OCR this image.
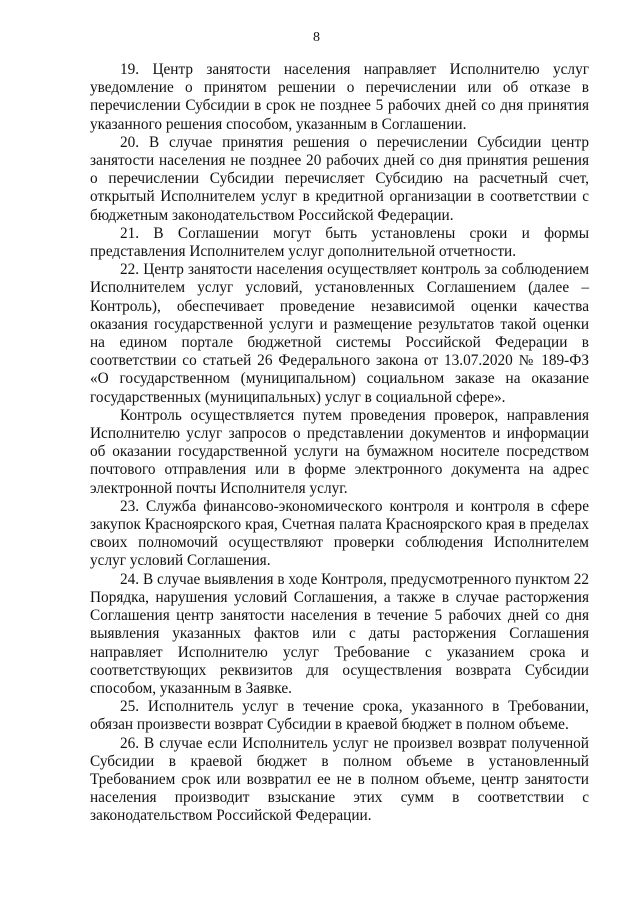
8

19. Центр занятости населения направляет Исполнителю услуг уведомление о принятом решении о перечислении или об отказе в перечислении Субсидии в срок не позднее 5 рабочих дней со дня принятия указанного решения способом, указанным в Соглашении.

20. В случае принятия решения о перечислении Субсидии центр занятости населения не позднее 20 рабочих дней со дня принятия решения о перечислении Субсидии перечисляет Субсидию на расчетный счет, открытый Исполнителем услуг в кредитной организации в соответствии с бюджетным законодательством Российской Федерации.

21. В Соглашении могут быть установлены сроки и формы представления Исполнителем услуг дополнительной отчетности.

22. Центр занятости населения осуществляет контроль за соблюдением Исполнителем услуг условий, установленных Соглашением (далее – Контроль), обеспечивает проведение независимой оценки качества оказания государственной услуги и размещение результатов такой оценки на едином портале бюджетной системы Российской Федерации в соответствии со статьей 26 Федерального закона от 13.07.2020 № 189-ФЗ «О государственном (муниципальном) социальном заказе на оказание государственных (муниципальных) услуг в социальной сфере».

Контроль осуществляется путем проведения проверок, направления Исполнителю услуг запросов о представлении документов и информации об оказании государственной услуги на бумажном носителе посредством почтового отправления или в форме электронного документа на адрес электронной почты Исполнителя услуг.

23. Служба финансово-экономического контроля и контроля в сфере закупок Красноярского края, Счетная палата Красноярского края в пределах своих полномочий осуществляют проверки соблюдения Исполнителем услуг условий Соглашения.

24. В случае выявления в ходе Контроля, предусмотренного пунктом 22 Порядка, нарушения условий Соглашения, а также в случае расторжения Соглашения центр занятости населения в течение 5 рабочих дней со дня выявления указанных фактов или с даты расторжения Соглашения направляет Исполнителю услуг Требование с указанием срока и соответствующих реквизитов для осуществления возврата Субсидии способом, указанным в Заявке.

25. Исполнитель услуг в течение срока, указанного в Требовании, обязан произвести возврат Субсидии в краевой бюджет в полном объеме.

26. В случае если Исполнитель услуг не произвел возврат полученной Субсидии в краевой бюджет в полном объеме в установленный Требованием срок или возвратил ее не в полном объеме, центр занятости населения производит взыскание этих сумм в соответствии с законодательством Российской Федерации.
